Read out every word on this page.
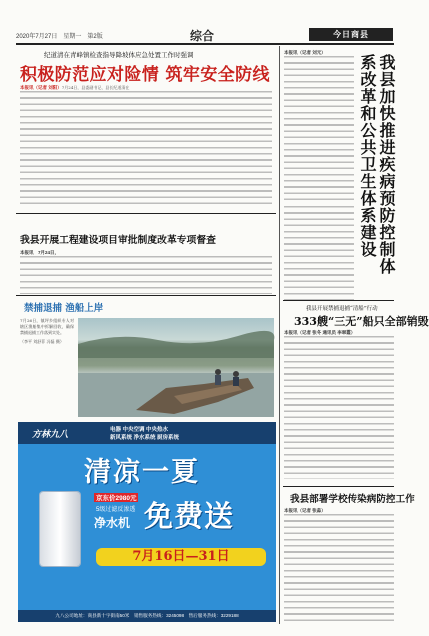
2020年7月27日　星期一　第2版	综合	今日商县
纪道清在青峰镇检查指导降坡体应急处置工作时强调
积极防范应对险情 筑牢安全防线
本报讯（记者 刘阳）7月24日，县委副书记、县长纪道清在
我县开展工程建设项目审批制度改革专项督查
本报讯　7月24日，
禁捕退捕 渔船上岸
7月26日，镇坪乡组织专人对辖区渔船集中拆解回收，确保禁捕退捕工作落到实处。
（李平 刘舒菲 冯磊 摄）
方林九八	电器 中央空调 中央热水
新风系统 净水系统 厨房系统
清凉一夏
京东价2980元
5级过滤反渗透
净水机 免费送
7月16日—31日
九八公司地址：商县新十字街南50米　销售服务热线：3245098　售后服务热线：3229188
本报讯（记者 刘元）
我县加快推进疾病预防控制体系改革和公共卫生体系建设
我县开展禁捕退捕“清船”行动
333艘“三无”船只全部销毁
本报讯（记者 张冬 通讯员 李翠霞）
我县部署学校传染病防控工作
本报讯（记者 张淼）
